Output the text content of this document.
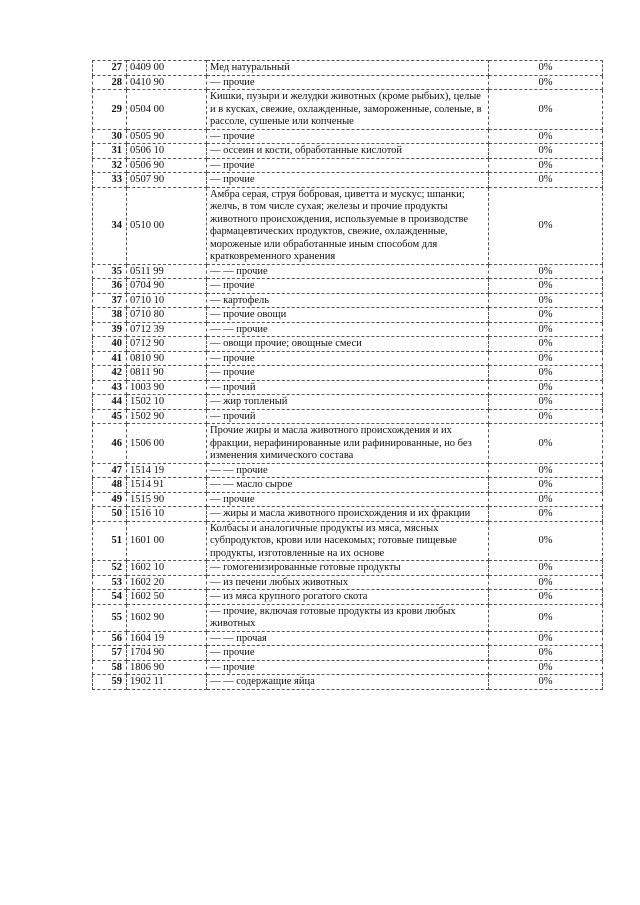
27	0409 00	Мед натуральный	0%
28	0410 90	— прочие	0%
29	0504 00	Кишки, пузыри и желудки животных (кроме рыбьих), целые и в кусках, свежие, охлажденные, замороженные, соленые, в рассоле, сушеные или копченые	0%
30	0505 90	— прочие	0%
31	0506 10	— оссеин и кости, обработанные кислотой	0%
32	0506 90	— прочие	0%
33	0507 90	— прочие	0%
34	0510 00	Амбра серая, струя бобровая, циветта и мускус; шпанки; желчь, в том числе сухая; железы и прочие продукты животного происхождения, используемые в производстве фармацевтических продуктов, свежие, охлажденные, мороженые или обработанные иным способом для кратковременного хранения	0%
35	0511 99	— — прочие	0%
36	0704 90	— прочие	0%
37	0710 10	— картофель	0%
38	0710 80	— прочие овощи	0%
39	0712 39	— — прочие	0%
40	0712 90	— овощи прочие; овощные смеси	0%
41	0810 90	— прочие	0%
42	0811 90	— прочие	0%
43	1003 90	— прочий	0%
44	1502 10	— жир топленый	0%
45	1502 90	— прочий	0%
46	1506 00	Прочие жиры и масла животного происхождения и их фракции, нерафинированные или рафинированные, но без изменения химического состава	0%
47	1514 19	— — прочие	0%
48	1514 91	— — масло сырое	0%
49	1515 90	— прочие	0%
50	1516 10	— жиры и масла животного происхождения и их фракции	0%
51	1601 00	Колбасы и аналогичные продукты из мяса, мясных субпродуктов, крови или насекомых; готовые пищевые продукты, изготовленные на их основе	0%
52	1602 10	— гомогенизированные готовые продукты	0%
53	1602 20	— из печени любых животных	0%
54	1602 50	— из мяса крупного рогатого скота	0%
55	1602 90	— прочие, включая готовые продукты из крови любых животных	0%
56	1604 19	— — прочая	0%
57	1704 90	— прочие	0%
58	1806 90	— прочие	0%
59	1902 11	— — содержащие яйца	0%
